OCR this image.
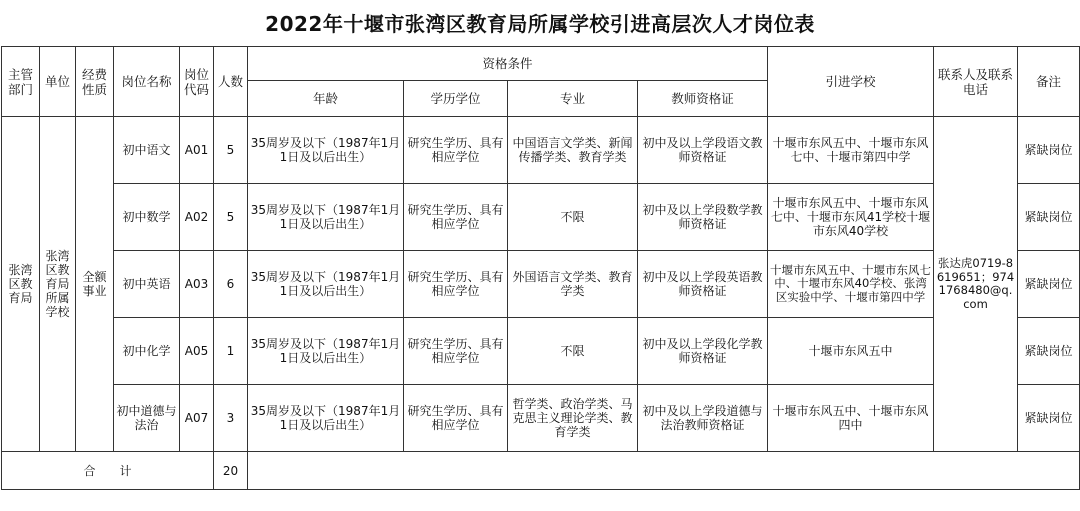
2022年十堰市张湾区教育局所属学校引进高层次人才岗位表
主管部门	单位	经费性质	岗位名称	岗位代码	人数	资格条件				引进学校	联系人及联系电话	备注
						年龄	学历学位	专业	教师资格证			
张湾区教育局	张湾区教育局所属学校	全额事业	初中语文	A01	5	35周岁及以下（1987年1月1日及以后出生）	研究生学历、具有相应学位	中国语言文学类、新闻传播学类、教育学类	初中及以上学段语文教师资格证	十堰市东风五中、十堰市东风七中、十堰市第四中学	张达虎0719-8619651；9741768480@q.com	紧缺岗位
			初中数学	A02	5	35周岁及以下（1987年1月1日及以后出生）	研究生学历、具有相应学位	不限	初中及以上学段数学教师资格证	十堰市东风五中、十堰市东风七中、十堰市东风41学校十堰市东风40学校		紧缺岗位
			初中英语	A03	6	35周岁及以下（1987年1月1日及以后出生）	研究生学历、具有相应学位	外国语言文学类、教育学类	初中及以上学段英语教师资格证	十堰市东风五中、十堰市东风七中、十堰市东风40学校、张湾区实验中学、十堰市第四中学		紧缺岗位
			初中化学	A05	1	35周岁及以下（1987年1月1日及以后出生）	研究生学历、具有相应学位	不限	初中及以上学段化学教师资格证	十堰市东风五中		紧缺岗位
			初中道德与法治	A07	3	35周岁及以下（1987年1月1日及以后出生）	研究生学历、具有相应学位	哲学类、政治学类、马克思主义理论学类、教育学类	初中及以上学段道德与法治教师资格证	十堰市东风五中、十堰市东风四中		紧缺岗位
合　　计					20							
